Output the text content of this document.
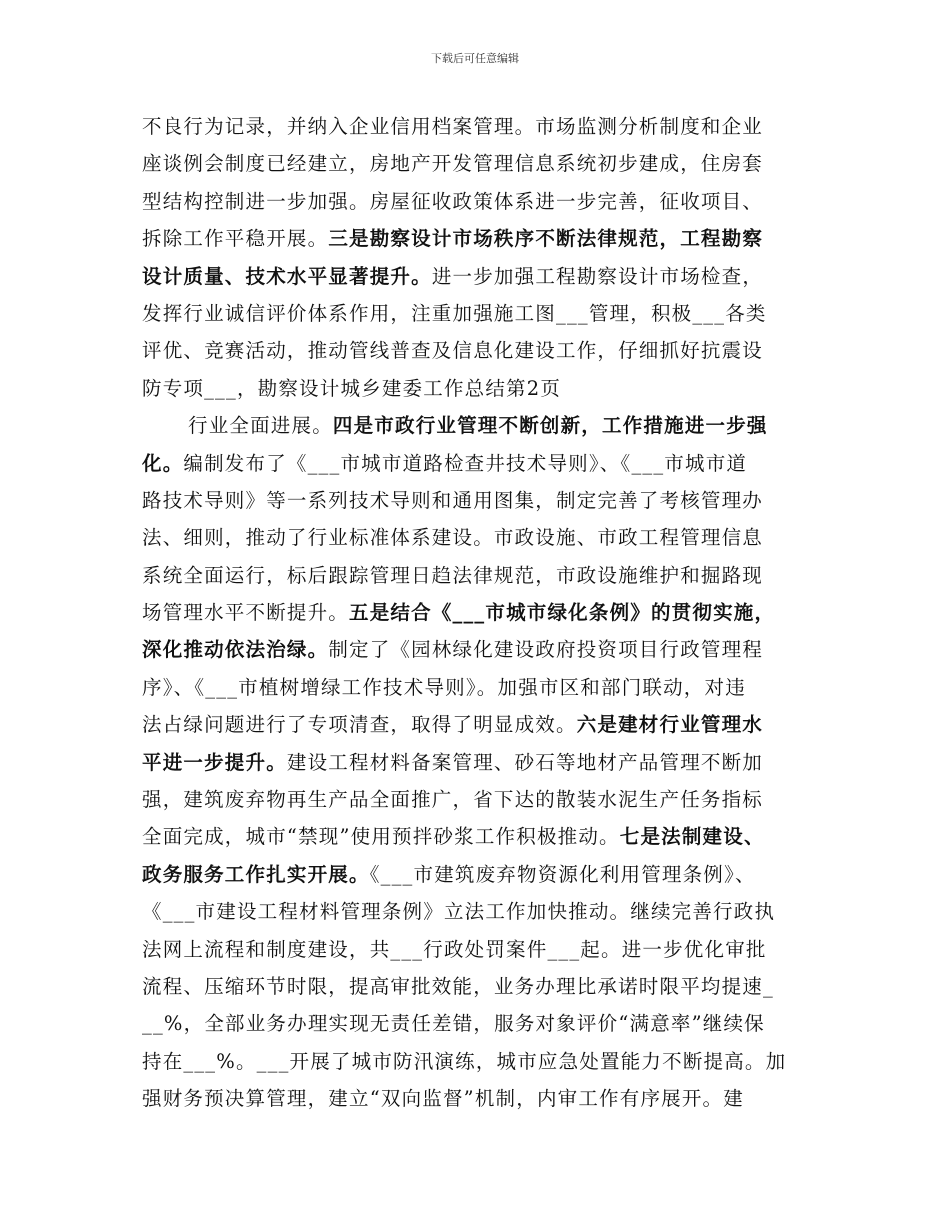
下载后可任意编辑
不良行为记录，并纳入企业信用档案管理。市场监测分析制度和企业
座谈例会制度已经建立，房地产开发管理信息系统初步建成，住房套
型结构控制进一步加强。房屋征收政策体系进一步完善，征收项目、
拆除工作平稳开展。三是勘察设计市场秩序不断法律规范，工程勘察
设计质量、技术水平显著提升。进一步加强工程勘察设计市场检查，
发挥行业诚信评价体系作用，注重加强施工图___管理，积极___各类
评优、竞赛活动，推动管线普查及信息化建设工作，仔细抓好抗震设
防专项___，勘察设计城乡建委工作总结第2页
行业全面进展。四是市政行业管理不断创新，工作措施进一步强
化。编制发布了《___市城市道路检查井技术导则》、《___市城市道
路技术导则》等一系列技术导则和通用图集，制定完善了考核管理办
法、细则，推动了行业标准体系建设。市政设施、市政工程管理信息
系统全面运行，标后跟踪管理日趋法律规范，市政设施维护和掘路现
场管理水平不断提升。五是结合《___市城市绿化条例》的贯彻实施，
深化推动依法治绿。制定了《园林绿化建设政府投资项目行政管理程
序》、《___市植树增绿工作技术导则》。加强市区和部门联动，对违
法占绿问题进行了专项清查，取得了明显成效。六是建材行业管理水
平进一步提升。建设工程材料备案管理、砂石等地材产品管理不断加
强，建筑废弃物再生产品全面推广，省下达的散装水泥生产任务指标
全面完成，城市“禁现”使用预拌砂浆工作积极推动。七是法制建设、
政务服务工作扎实开展。《___市建筑废弃物资源化利用管理条例》、
《___市建设工程材料管理条例》立法工作加快推动。继续完善行政执
法网上流程和制度建设，共___行政处罚案件___起。进一步优化审批
流程、压缩环节时限，提高审批效能，业务办理比承诺时限平均提速_
__%，全部业务办理实现无责任差错，服务对象评价“满意率”继续保
持在___%。___开展了城市防汛演练，城市应急处置能力不断提高。加
强财务预决算管理，建立“双向监督”机制，内审工作有序展开。建
